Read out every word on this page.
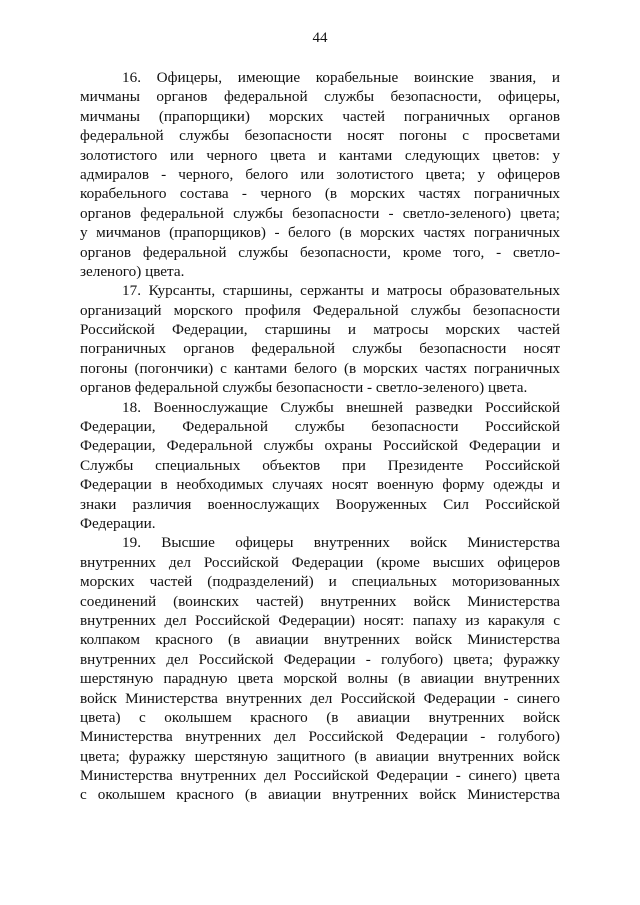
44
16. Офицеры, имеющие корабельные воинские звания, и
мичманы органов федеральной службы безопасности, офицеры,
мичманы (прапорщики) морских частей пограничных органов
федеральной службы безопасности носят погоны с просветами
золотистого или черного цвета и кантами следующих цветов: у
адмиралов - черного, белого или золотистого цвета; у офицеров
корабельного состава - черного (в морских частях пограничных
органов федеральной службы безопасности - светло-зеленого) цвета;
у мичманов (прапорщиков) - белого (в морских частях пограничных
органов федеральной службы безопасности, кроме того, - светло-
зеленого) цвета.
17. Курсанты, старшины, сержанты и матросы образовательных
организаций морского профиля Федеральной службы безопасности
Российской Федерации, старшины и матросы морских частей
пограничных органов федеральной службы безопасности носят
погоны (погончики) с кантами белого (в морских частях пограничных
органов федеральной службы безопасности - светло-зеленого) цвета.
18. Военнослужащие Службы внешней разведки Российской
Федерации, Федеральной службы безопасности Российской
Федерации, Федеральной службы охраны Российской Федерации и
Службы специальных объектов при Президенте Российской
Федерации в необходимых случаях носят военную форму одежды и
знаки различия военнослужащих Вооруженных Сил Российской
Федерации.
19. Высшие офицеры внутренних войск Министерства
внутренних дел Российской Федерации (кроме высших офицеров
морских частей (подразделений) и специальных моторизованных
соединений (воинских частей) внутренних войск Министерства
внутренних дел Российской Федерации) носят: папаху из каракуля с
колпаком красного (в авиации внутренних войск Министерства
внутренних дел Российской Федерации - голубого) цвета; фуражку
шерстяную парадную цвета морской волны (в авиации внутренних
войск Министерства внутренних дел Российской Федерации - синего
цвета) с околышем красного (в авиации внутренних войск
Министерства внутренних дел Российской Федерации - голубого)
цвета; фуражку шерстяную защитного (в авиации внутренних войск
Министерства внутренних дел Российской Федерации - синего) цвета
с околышем красного (в авиации внутренних войск Министерства
